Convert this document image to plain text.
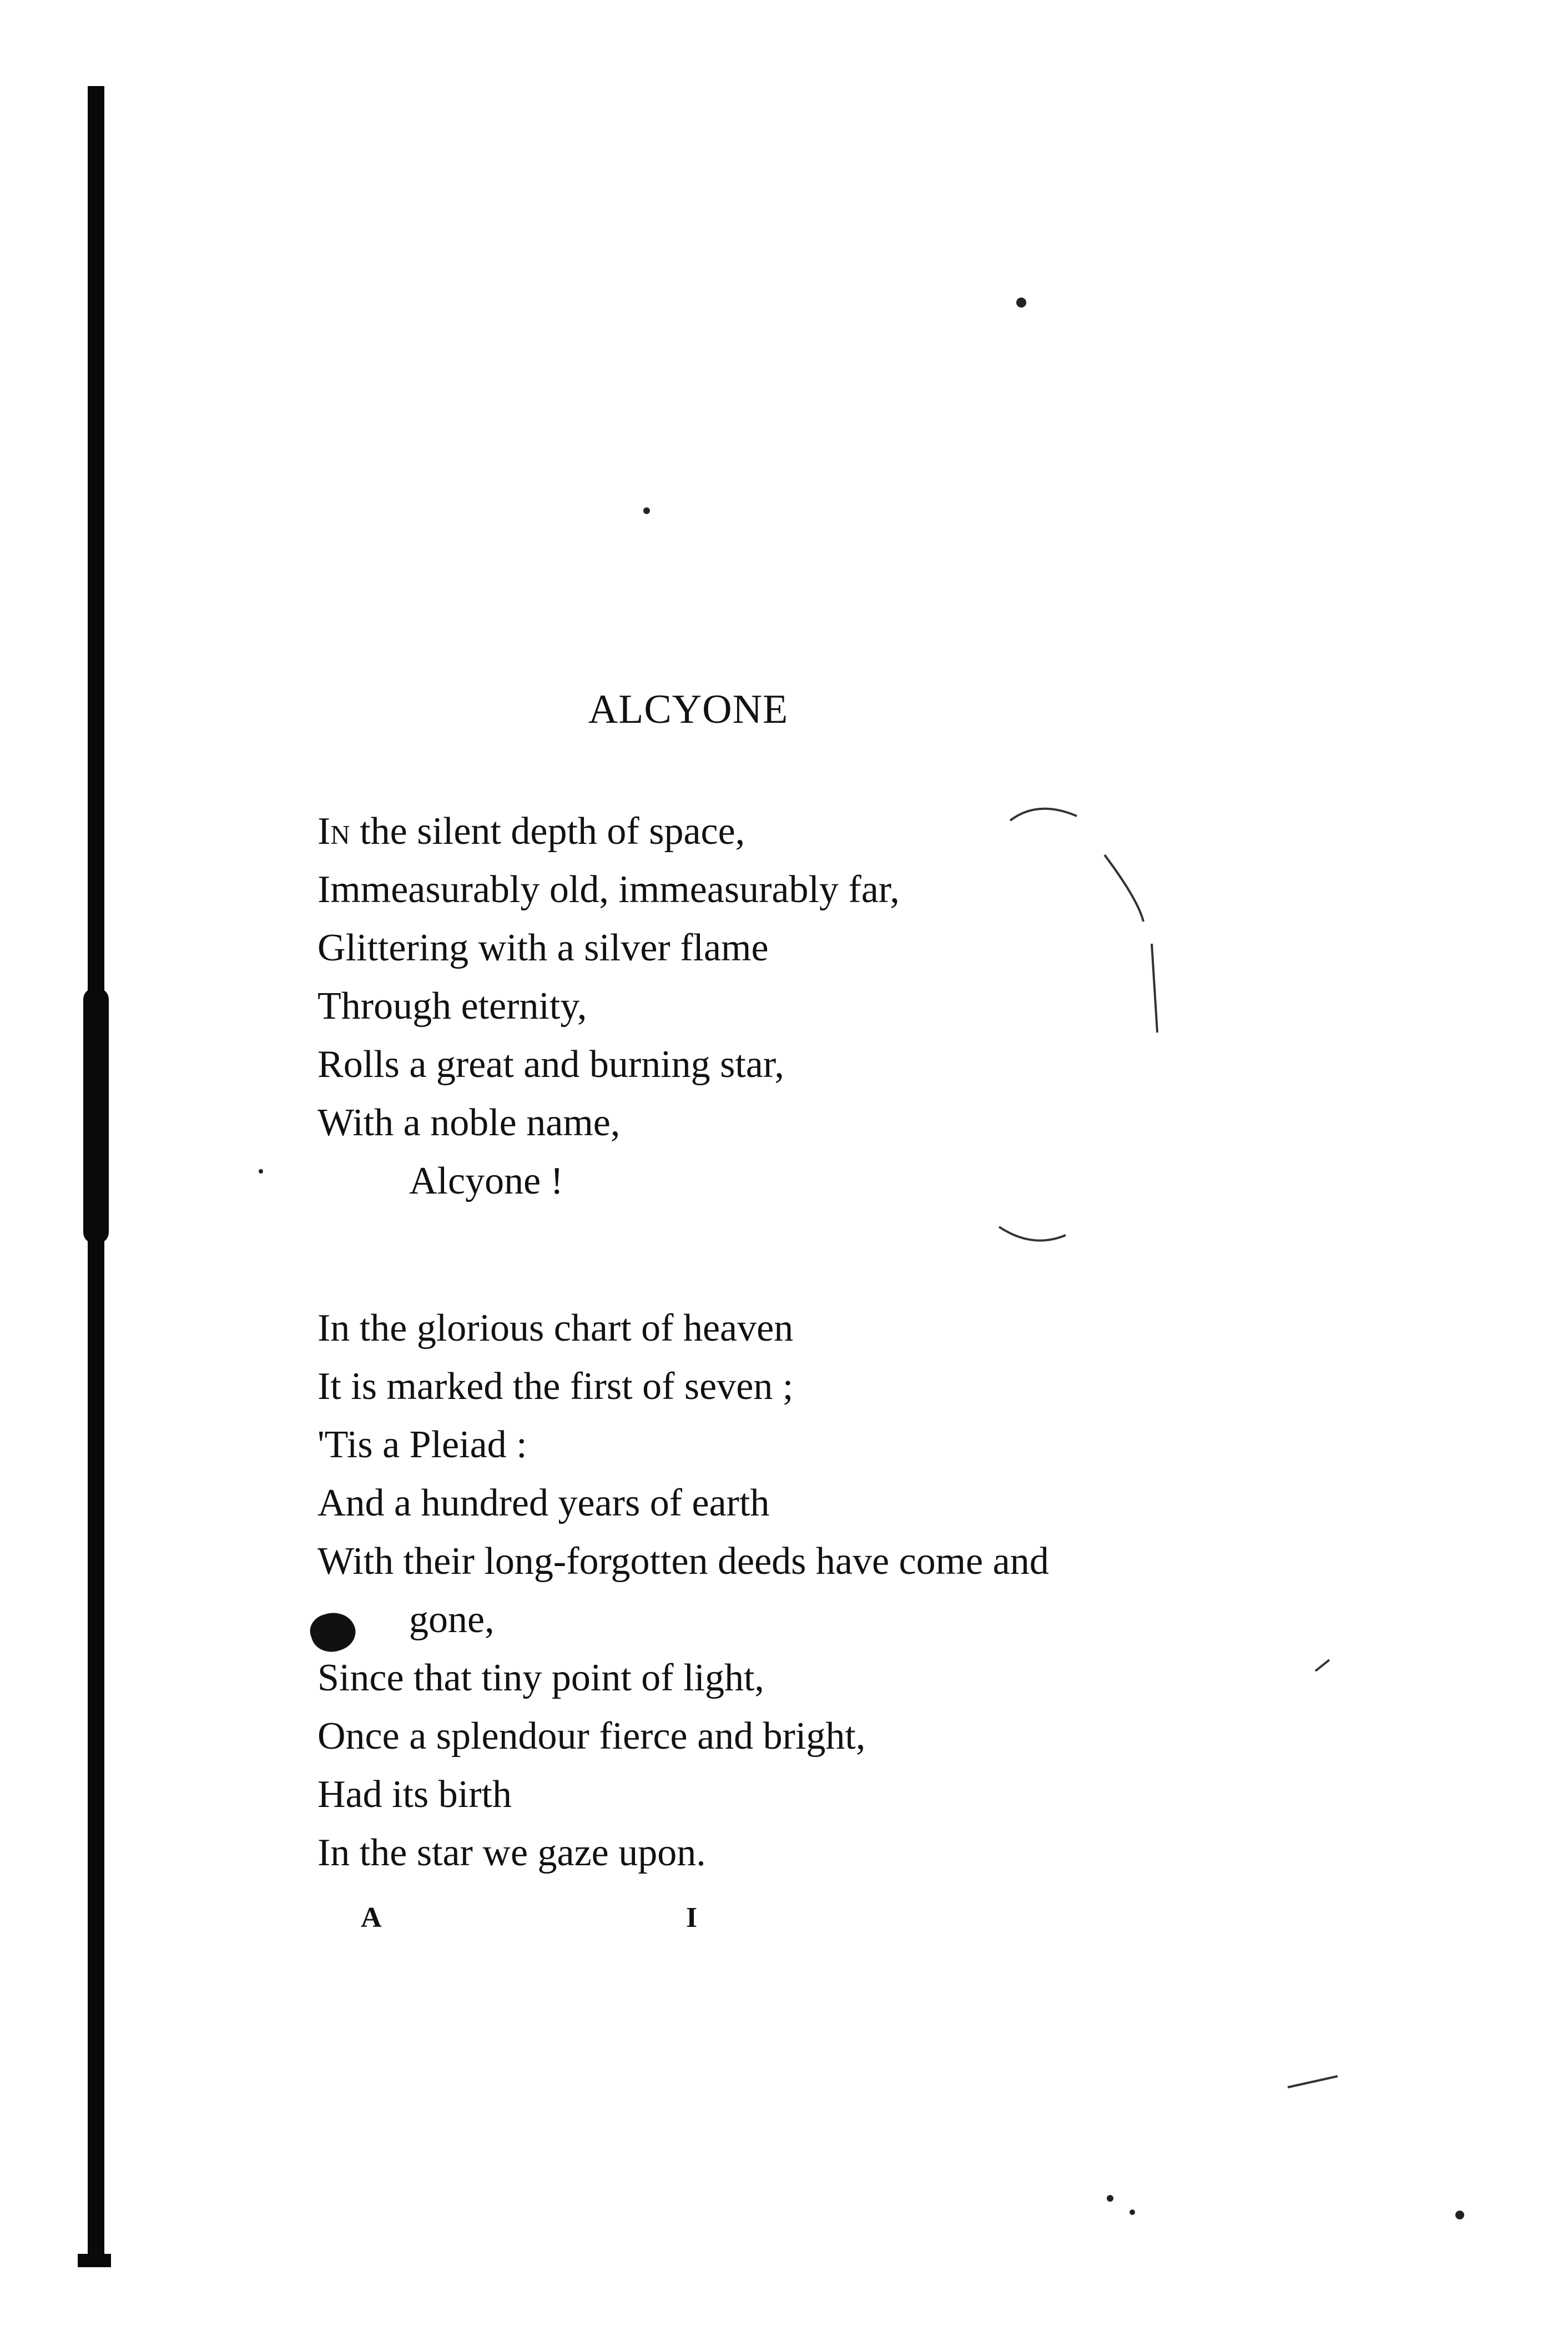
ALCYONE
In the silent depth of space,
Immeasurably old, immeasurably far,
Glittering with a silver flame
Through eternity,
Rolls a great and burning star,
With a noble name,
Alcyone !
In the glorious chart of heaven
It is marked the first of seven ;
'Tis a Pleiad :
And a hundred years of earth
With their long-forgotten deeds have come and
gone,
Since that tiny point of light,
Once a splendour fierce and bright,
Had its birth
In the star we gaze upon.
A	I
